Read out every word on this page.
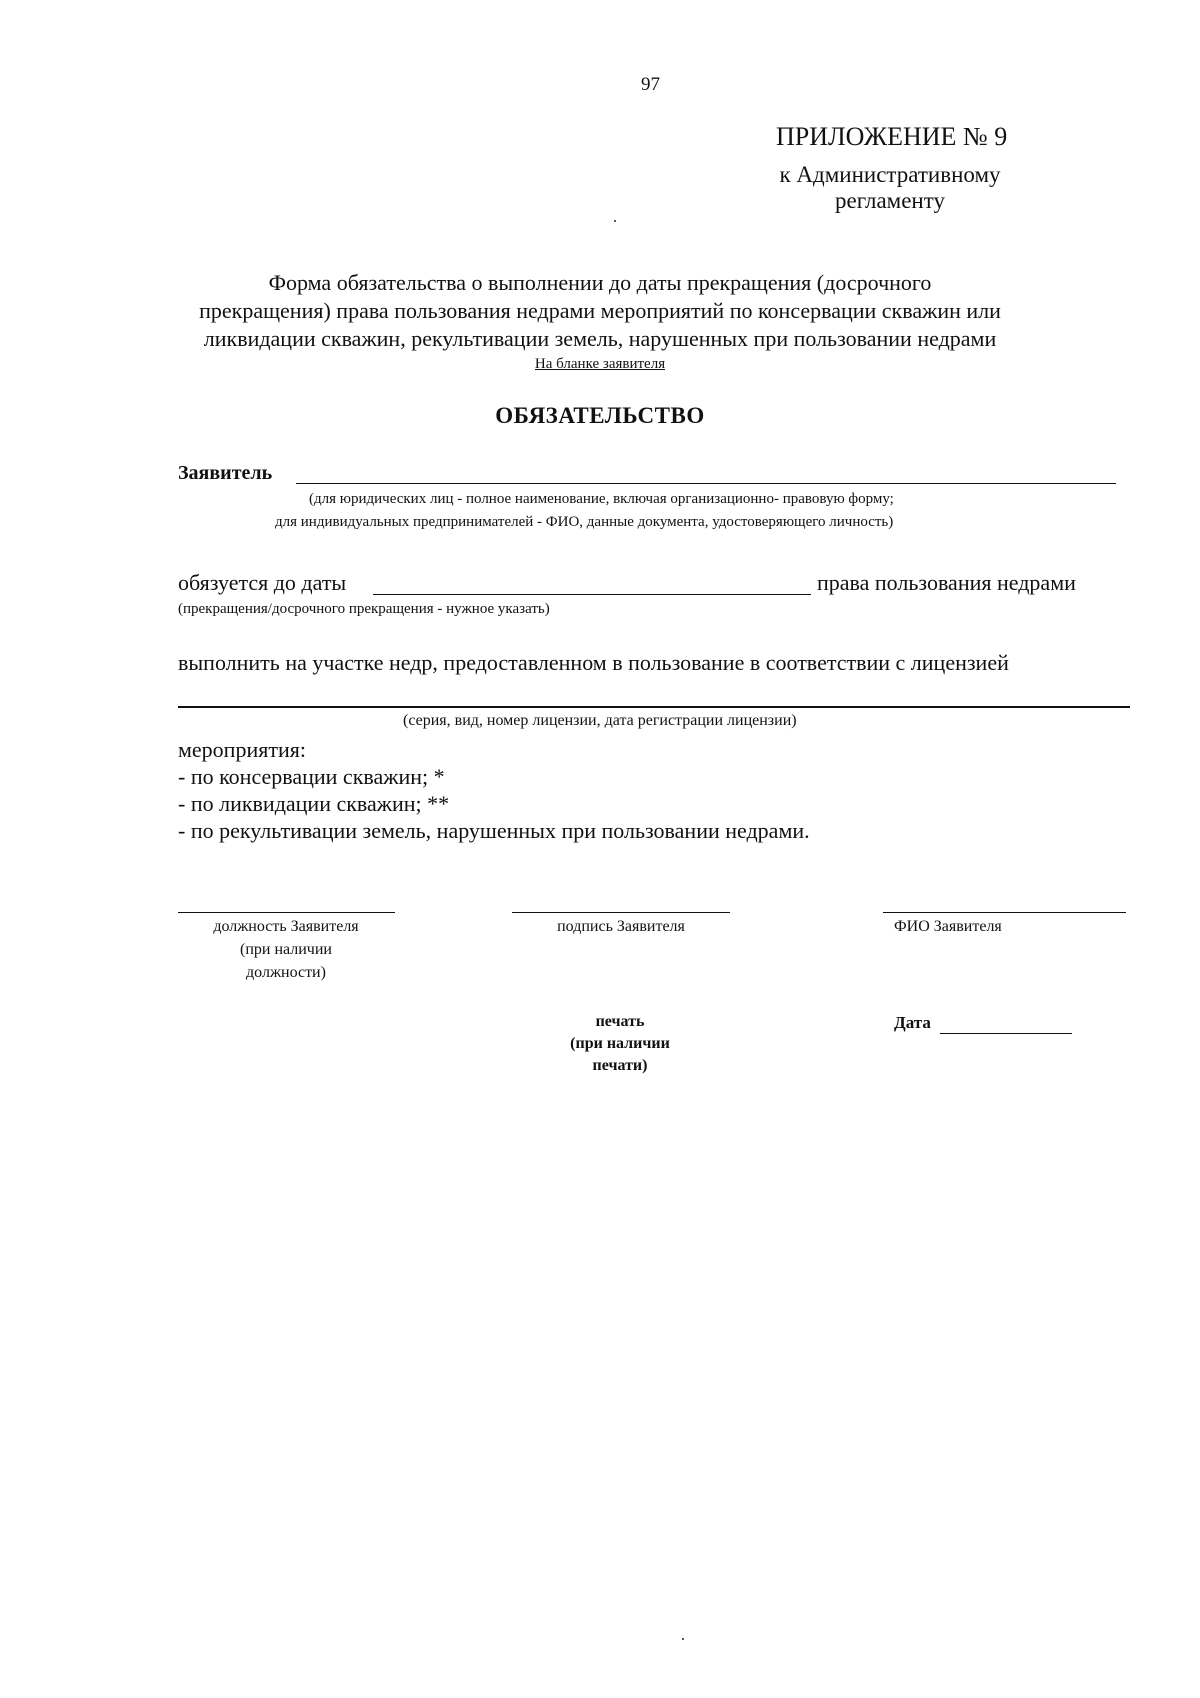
97
ПРИЛОЖЕНИЕ № 9
к Административному
регламенту
Форма обязательства о выполнении до даты прекращения (досрочного
прекращения) права пользования недрами мероприятий по консервации скважин или
ликвидации скважин, рекультивации земель, нарушенных при пользовании недрами
На бланке заявителя
ОБЯЗАТЕЛЬСТВО
Заявитель
(для юридических лиц - полное наименование, включая организационно- правовую форму;
для индивидуальных предпринимателей - ФИО, данные документа, удостоверяющего личность)
обязуется до даты	права пользования недрами
(прекращения/досрочного прекращения - нужное указать)
выполнить на участке недр, предоставленном в пользование в соответствии с лицензией
(серия, вид, номер лицензии, дата регистрации лицензии)
мероприятия:
- по консервации скважин; *
- по ликвидации скважин; **
- по рекультивации земель, нарушенных при пользовании недрами.
должность Заявителя
(при наличии
должности)
подпись Заявителя	ФИО Заявителя
печать
(при наличии
печати)
Дата
